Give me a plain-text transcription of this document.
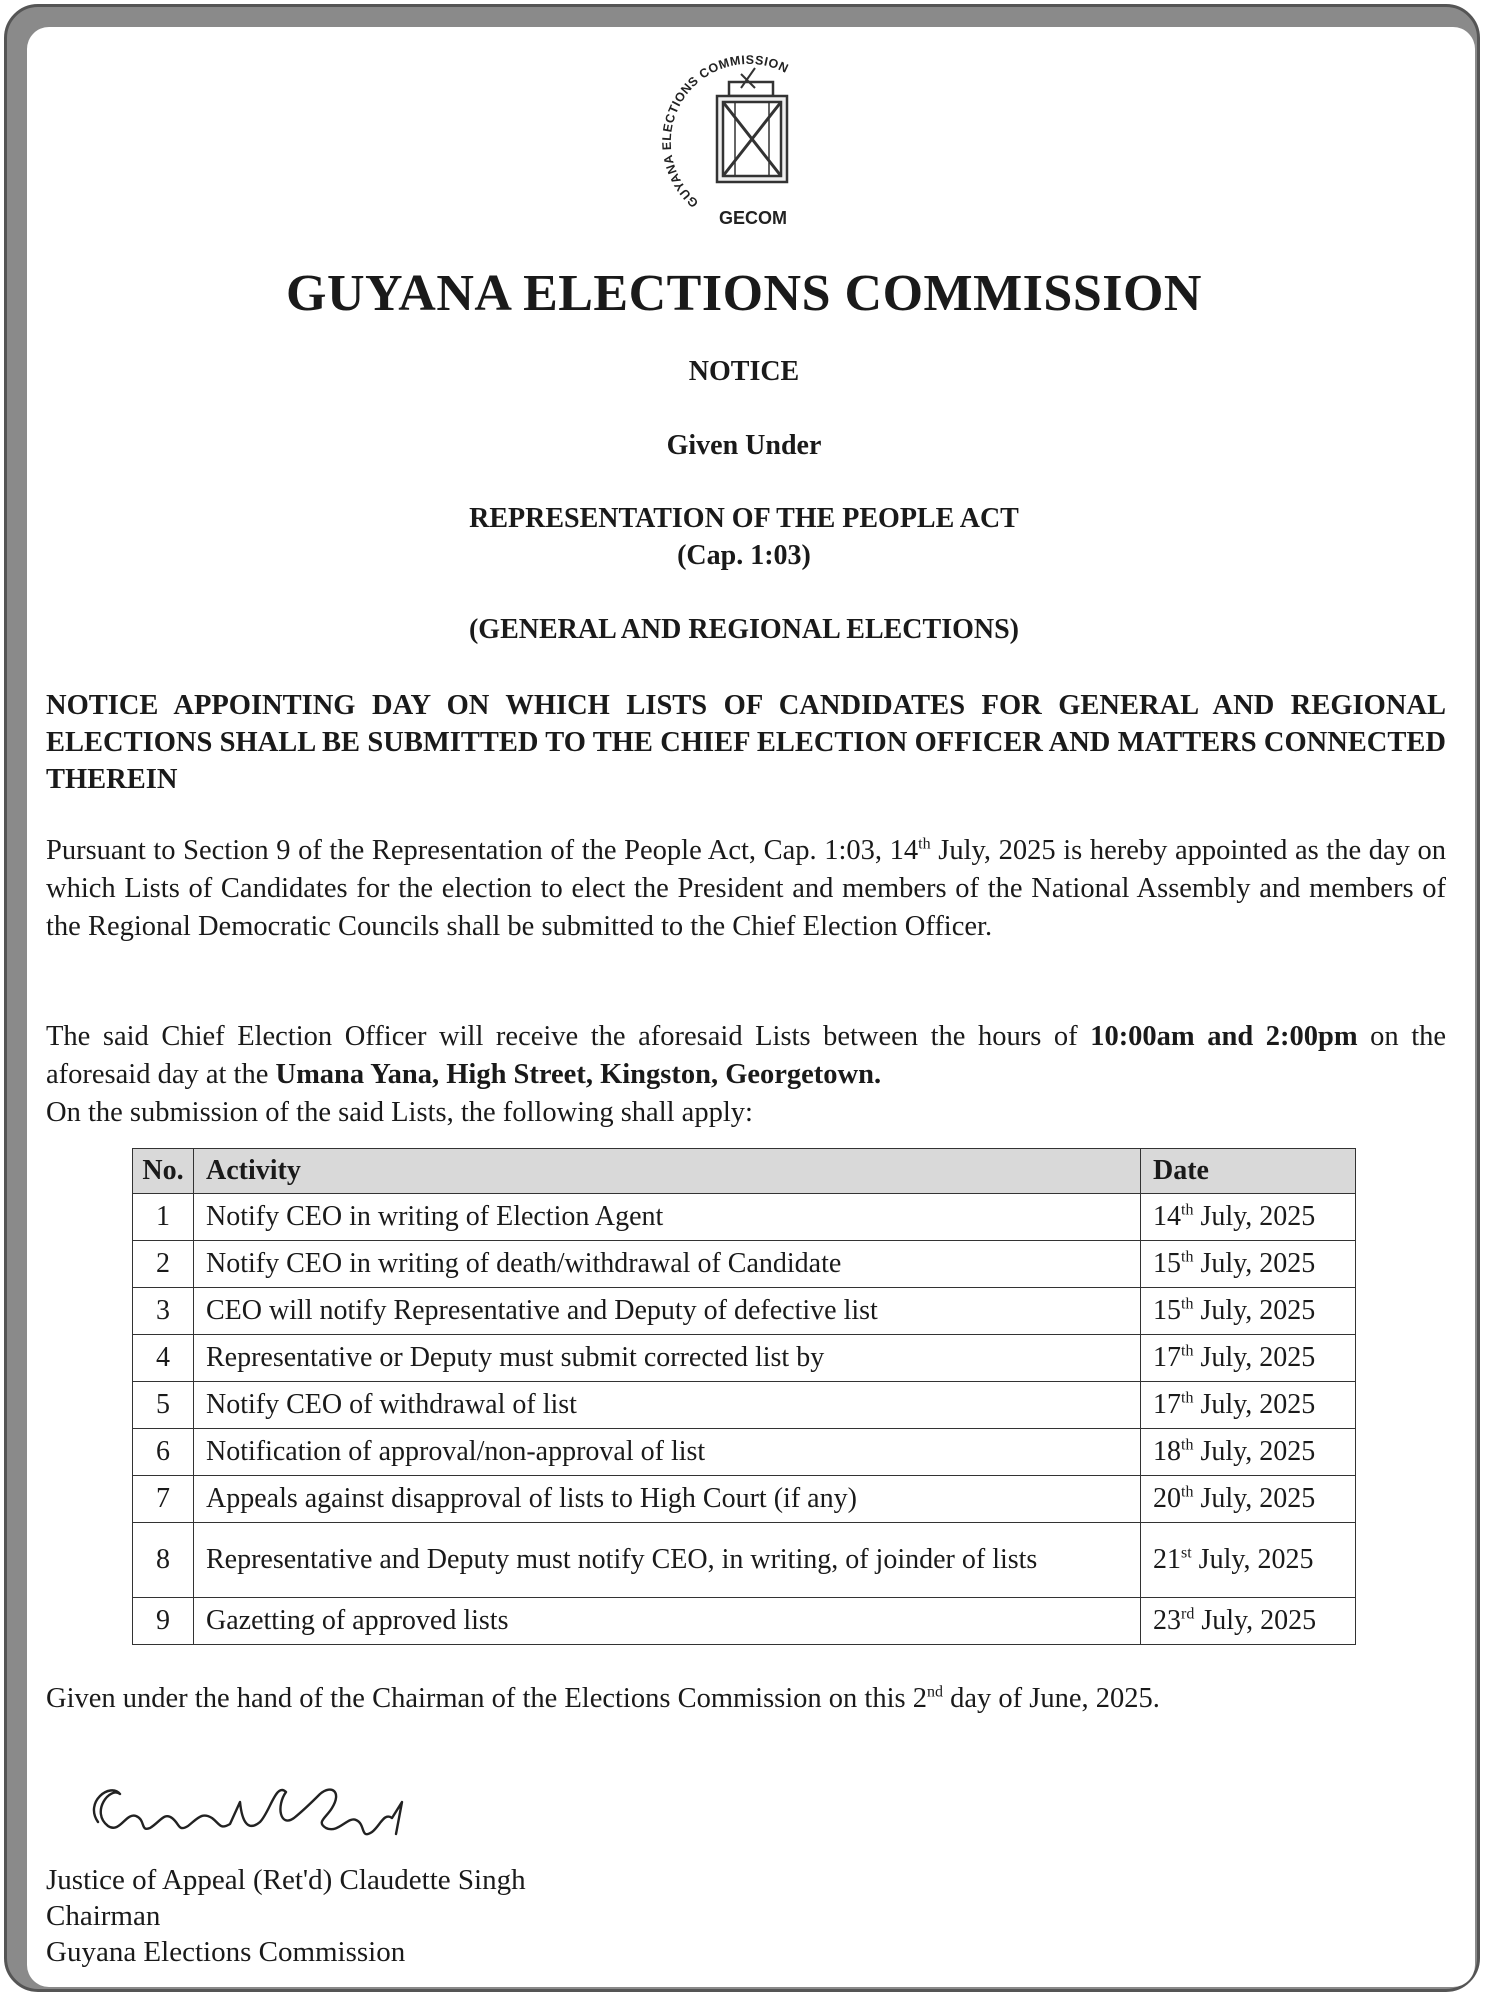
GUYANA ELECTIONS COMMISSION
GECOM
GUYANA ELECTIONS COMMISSION
NOTICE
Given Under
REPRESENTATION OF THE PEOPLE ACT
(Cap. 1:03)
(GENERAL AND REGIONAL ELECTIONS)
NOTICE APPOINTING DAY ON WHICH LISTS OF CANDIDATES FOR GENERAL AND REGIONAL ELECTIONS SHALL BE SUBMITTED TO THE CHIEF ELECTION OFFICER AND MATTERS CONNECTED THEREIN
Pursuant to Section 9 of the Representation of the People Act, Cap. 1:03, 14th July, 2025 is hereby appointed as the day on which Lists of Candidates for the election to elect the President and members of the National Assembly and members of the Regional Democratic Councils shall be submitted to the Chief Election Officer.
The said Chief Election Officer will receive the aforesaid Lists between the hours of 10:00am and 2:00pm on the aforesaid day at the Umana Yana, High Street, Kingston, Georgetown.
On the submission of the said Lists, the following shall apply:
No.	Activity	Date
1	Notify CEO in writing of Election Agent	14th July, 2025
2	Notify CEO in writing of death/withdrawal of Candidate	15th July, 2025
3	CEO will notify Representative and Deputy of defective list	15th July, 2025
4	Representative or Deputy must submit corrected list by	17th July, 2025
5	Notify CEO of withdrawal of list	17th July, 2025
6	Notification of approval/non-approval of list	18th July, 2025
7	Appeals against disapproval of lists to High Court (if any)	20th July, 2025
8	Representative and Deputy must notify CEO, in writing, of joinder of lists	21st July, 2025
9	Gazetting of approved lists	23rd July, 2025
Given under the hand of the Chairman of the Elections Commission on this 2nd day of June, 2025.
Justice of Appeal (Ret'd) Claudette Singh
Chairman
Guyana Elections Commission
